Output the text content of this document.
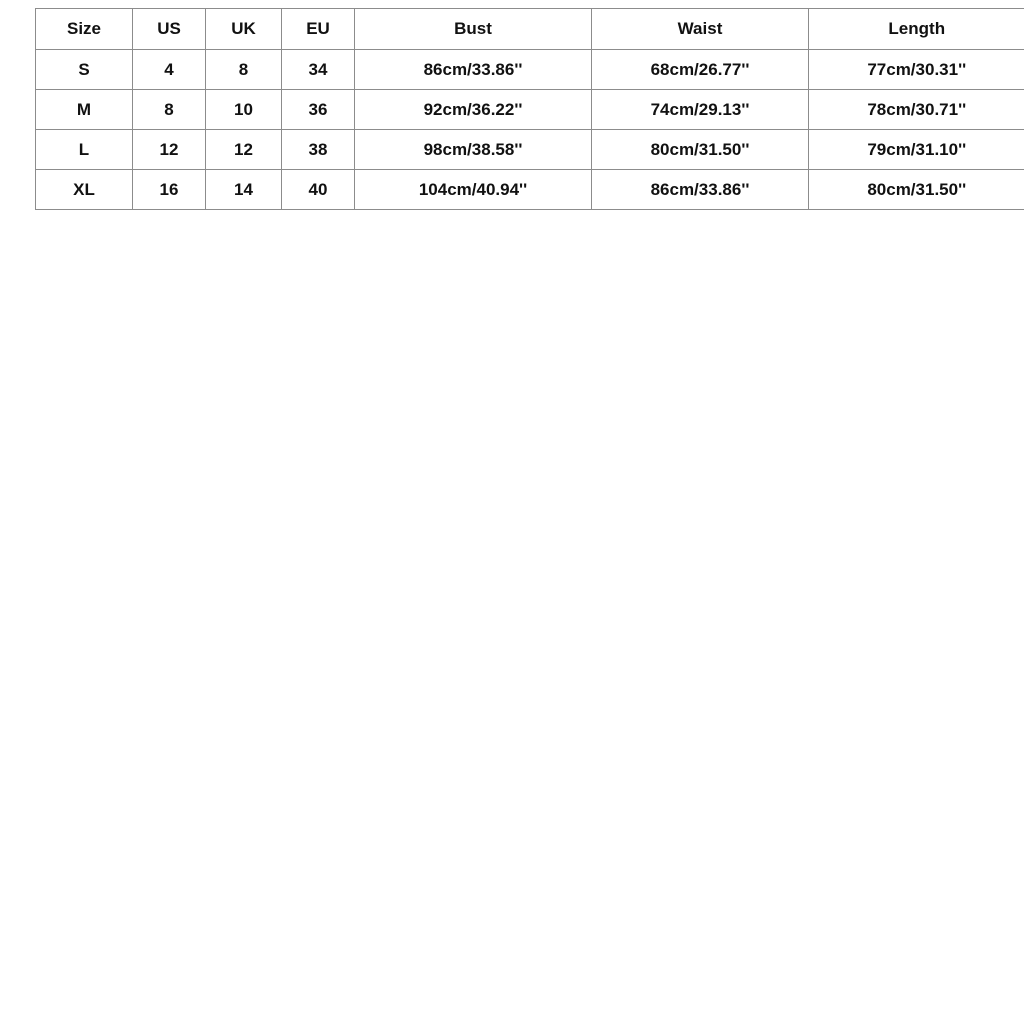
Size	US	UK	EU	Bust	Waist	Length
S	4	8	34	86cm/33.86''	68cm/26.77''	77cm/30.31''
M	8	10	36	92cm/36.22''	74cm/29.13''	78cm/30.71''
L	12	12	38	98cm/38.58''	80cm/31.50''	79cm/31.10''
XL	16	14	40	104cm/40.94''	86cm/33.86''	80cm/31.50''
